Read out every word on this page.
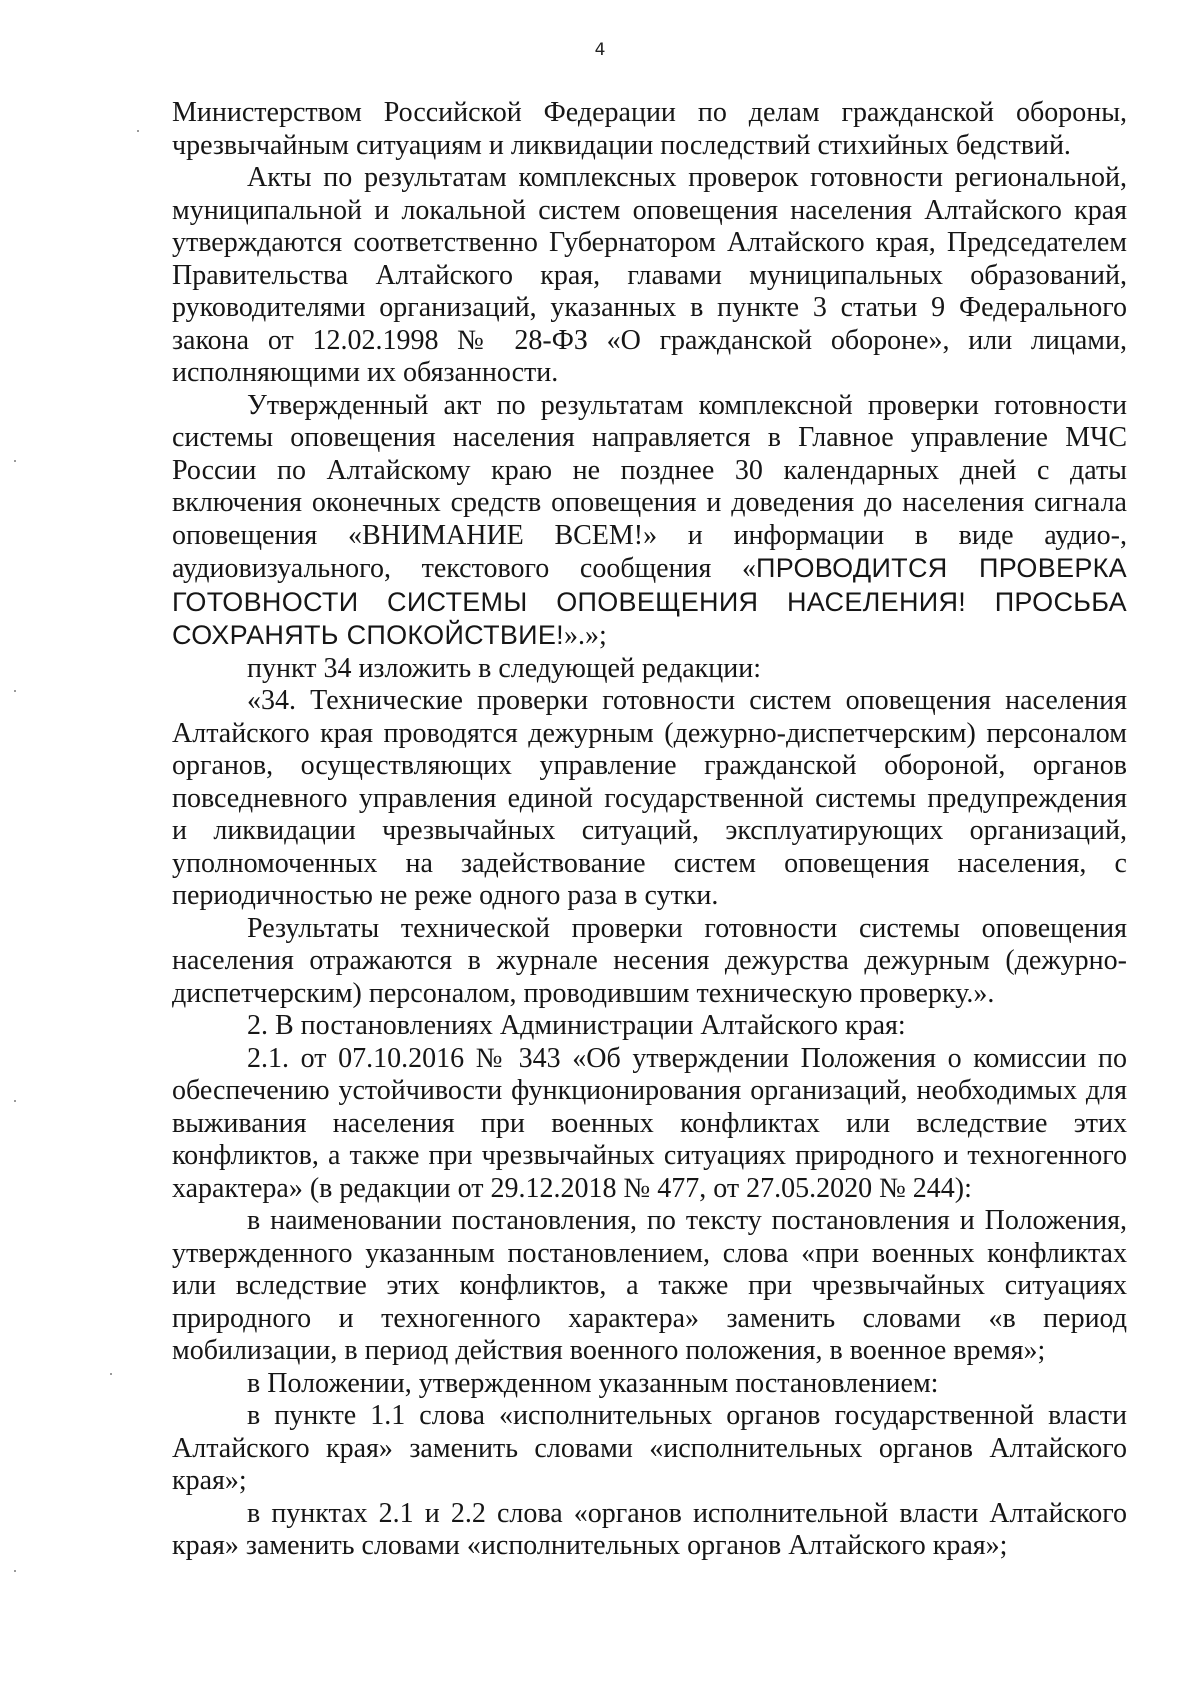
4

Министерством Российской Федерации по делам гражданской обороны, чрезвычайным ситуациям и ликвидации последствий стихийных бедствий.

Акты по результатам комплексных проверок готовности региональной, муниципальной и локальной систем оповещения населения Алтайского края утверждаются соответственно Губернатором Алтайского края, Председателем Правительства Алтайского края, главами муниципальных образований, руководителями организаций, указанных в пункте 3 статьи 9 Федерального закона от 12.02.1998 № 28-ФЗ «О гражданской обороне», или лицами, исполняющими их обязанности.

Утвержденный акт по результатам комплексной проверки готовности системы оповещения населения направляется в Главное управление МЧС России по Алтайскому краю не позднее 30 календарных дней с даты включения оконечных средств оповещения и доведения до населения сигнала оповещения «ВНИМАНИЕ ВСЕМ!» и информации в виде аудио-, аудиовизуального, текстового сообщения «ПРОВОДИТСЯ ПРОВЕРКА ГОТОВНОСТИ СИСТЕМЫ ОПОВЕЩЕНИЯ НАСЕЛЕНИЯ! ПРОСЬБА СОХРАНЯТЬ СПОКОЙСТВИЕ!».»;

пункт 34 изложить в следующей редакции:

«34. Технические проверки готовности систем оповещения населения Алтайского края проводятся дежурным (дежурно-диспетчерским) персоналом органов, осуществляющих управление гражданской обороной, органов повседневного управления единой государственной системы предупреждения и ликвидации чрезвычайных ситуаций, эксплуатирующих организаций, уполномоченных на задействование систем оповещения населения, с периодичностью не реже одного раза в сутки.

Результаты технической проверки готовности системы оповещения населения отражаются в журнале несения дежурства дежурным (дежурно-диспетчерским) персоналом, проводившим техническую проверку.».

2. В постановлениях Администрации Алтайского края:

2.1. от 07.10.2016 № 343 «Об утверждении Положения о комиссии по обеспечению устойчивости функционирования организаций, необходимых для выживания населения при военных конфликтах или вследствие этих конфликтов, а также при чрезвычайных ситуациях природного и техногенного характера» (в редакции от 29.12.2018 № 477, от 27.05.2020 № 244):

в наименовании постановления, по тексту постановления и Положения, утвержденного указанным постановлением, слова «при военных конфликтах или вследствие этих конфликтов, а также при чрезвычайных ситуациях природного и техногенного характера» заменить словами «в период мобилизации, в период действия военного положения, в военное время»;

в Положении, утвержденном указанным постановлением:

в пункте 1.1 слова «исполнительных органов государственной власти Алтайского края» заменить словами «исполнительных органов Алтайского края»;

в пунктах 2.1 и 2.2 слова «органов исполнительной власти Алтайского края» заменить словами «исполнительных органов Алтайского края»;
